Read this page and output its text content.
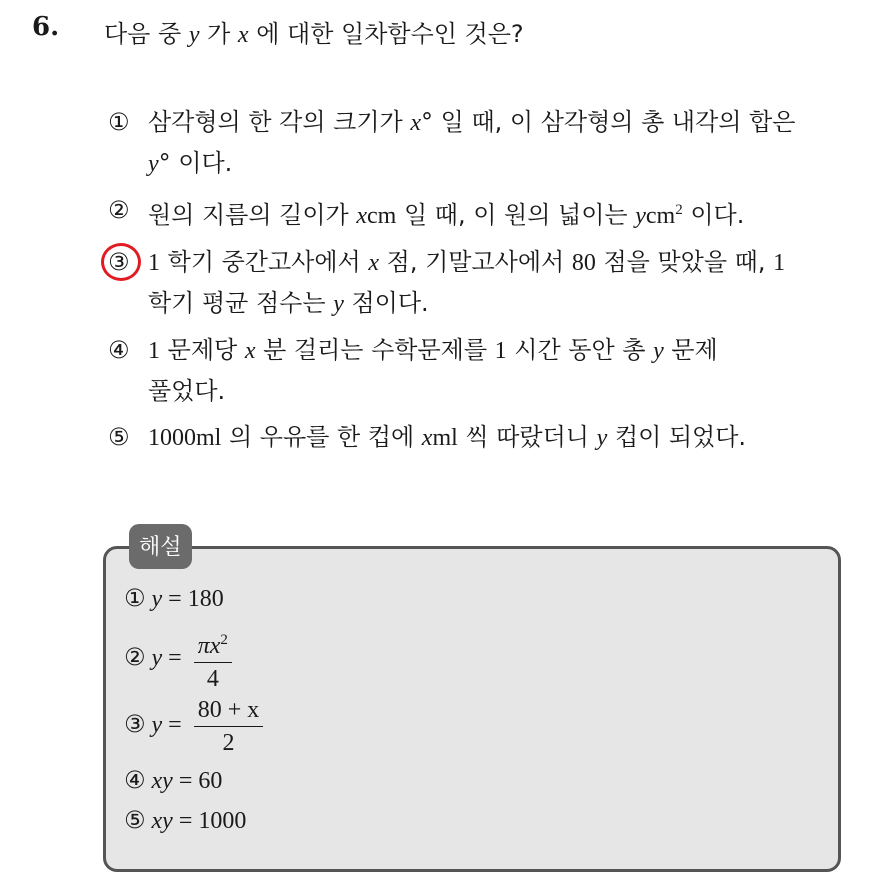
6. 다음 중 y 가 x 에 대한 일차함수인 것은?
① 삼각형의 한 각의 크기가 x° 일 때, 이 삼각형의 총 내각의 합은
y° 이다.
② 원의 지름의 길이가 xcm 일 때, 이 원의 넓이는 ycm$^2$ 이다.
③ 1 학기 중간고사에서 x 점, 기말고사에서 80 점을 맞았을 때, 1
학기 평균 점수는 y 점이다.
④ 1 문제당 x 분 걸리는 수학문제를 1 시간 동안 총 y 문제
풀었다.
⑤ 1000ml 의 우유를 한 컵에 xml 씩 따랐더니 y 컵이 되었다.
해설
① y = 180
② $y = \frac{\pi x^2}{4}$
③ $y = \frac{80 + x}{2}$
④ xy = 60
⑤ xy = 1000
